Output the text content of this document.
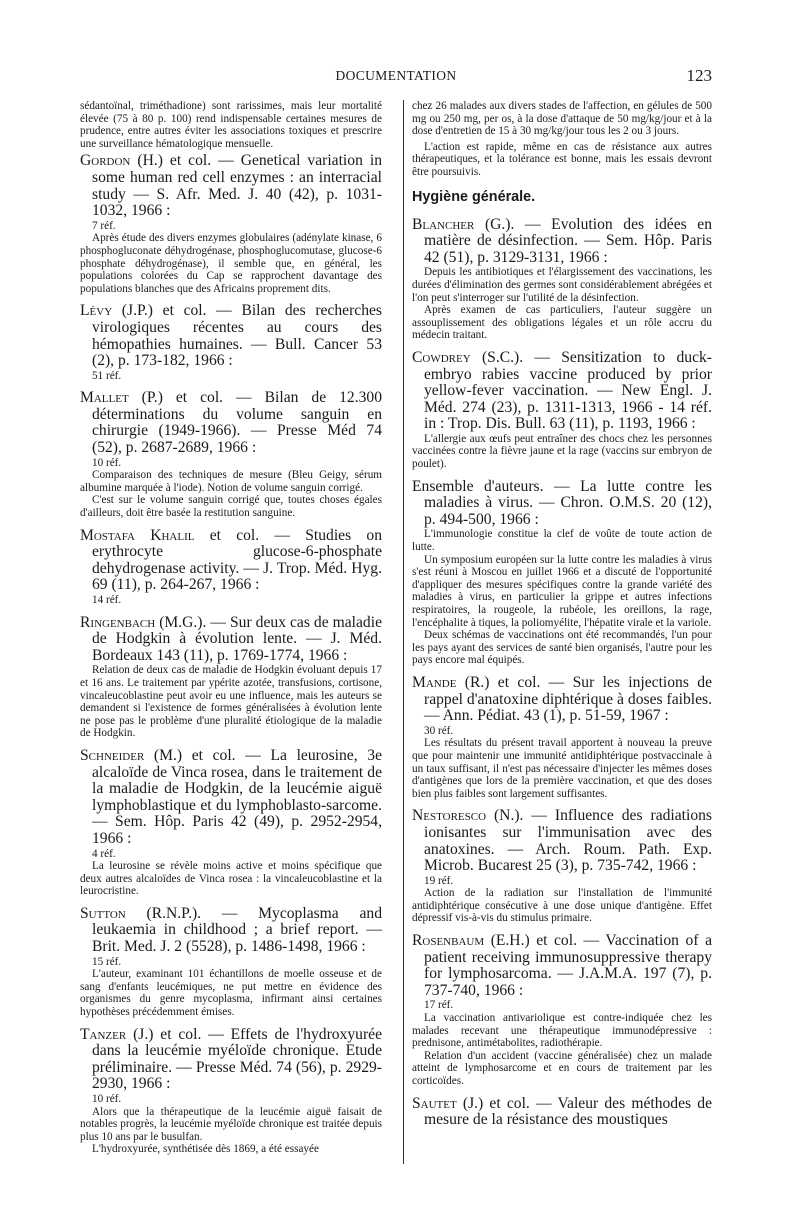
DOCUMENTATION	123

sédantoïnal, triméthadione) sont rarissimes, mais leur mortalité élevée (75 à 80 p. 100) rend indispensable certaines mesures de prudence, entre autres éviter les associations toxiques et prescrire une surveillance hématologique mensuelle.

Gordon (H.) et col. — Genetical variation in some human red cell enzymes : an interracial study — S. Afr. Med. J. 40 (42), p. 1031-1032, 1966 :

7 réf.

Après étude des divers enzymes globulaires (adénylate kinase, 6 phosphogluconate déhydrogénase, phosphoglucomutase, glucose-6 phosphate déhydrogénase), il semble que, en général, les populations colorées du Cap se rapprochent davantage des populations blanches que des Africains proprement dits.

Lévy (J.P.) et col. — Bilan des recherches virologiques récentes au cours des hémopathies humaines. — Bull. Cancer 53 (2), p. 173-182, 1966 :

51 réf.

Mallet (P.) et col. — Bilan de 12.300 déterminations du volume sanguin en chirurgie (1949-1966). — Presse Méd 74 (52), p. 2687-2689, 1966 :

10 réf.

Comparaison des techniques de mesure (Bleu Geigy, sérum albumine marquée à l'iode). Notion de volume sanguin corrigé.

C'est sur le volume sanguin corrigé que, toutes choses égales d'ailleurs, doit être basée la restitution sanguine.

Mostafa Khalil et col. — Studies on erythrocyte glucose-6-phosphate dehydrogenase activity. — J. Trop. Méd. Hyg. 69 (11), p. 264-267, 1966 :

14 réf.

Ringenbach (M.G.). — Sur deux cas de maladie de Hodgkin à évolution lente. — J. Méd. Bordeaux 143 (11), p. 1769-1774, 1966 :

Relation de deux cas de maladie de Hodgkin évoluant depuis 17 et 16 ans. Le traitement par ypérite azotée, transfusions, cortisone, vincaleucoblastine peut avoir eu une influence, mais les auteurs se demandent si l'existence de formes généralisées à évolution lente ne pose pas le problème d'une pluralité étiologique de la maladie de Hodgkin.

Schneider (M.) et col. — La leurosine, 3e alcaloïde de Vinca rosea, dans le traitement de la maladie de Hodgkin, de la leucémie aiguë lymphoblastique et du lymphoblasto-sarcome. — Sem. Hôp. Paris 42 (49), p. 2952-2954, 1966 :

4 réf.

La leurosine se révèle moins active et moins spécifique que deux autres alcaloïdes de Vinca rosea : la vincaleucoblastine et la leurocristine.

Sutton (R.N.P.). — Mycoplasma and leukaemia in childhood ; a brief report. — Brit. Med. J. 2 (5528), p. 1486-1498, 1966 :

15 réf.

L'auteur, examinant 101 échantillons de moelle osseuse et de sang d'enfants leucémiques, ne put mettre en évidence des organismes du genre mycoplasma, infirmant ainsi certaines hypothèses précédemment émises.

Tanzer (J.) et col. — Effets de l'hydroxyurée dans la leucémie myéloïde chronique. Etude préliminaire. — Presse Méd. 74 (56), p. 2929-2930, 1966 :

10 réf.

Alors que la thérapeutique de la leucémie aiguë faisait de notables progrès, la leucémie myéloïde chronique est traitée depuis plus 10 ans par le busulfan.

L'hydroxyurée, synthétisée dès 1869, a été essayée

chez 26 malades aux divers stades de l'affection, en gélules de 500 mg ou 250 mg, per os, à la dose d'attaque de 50 mg/kg/jour et à la dose d'entretien de 15 à 30 mg/kg/jour tous les 2 ou 3 jours.

L'action est rapide, même en cas de résistance aux autres thérapeutiques, et la tolérance est bonne, mais les essais devront être poursuivis.

Hygiène générale.

Blancher (G.). — Evolution des idées en matière de désinfection. — Sem. Hôp. Paris 42 (51), p. 3129-3131, 1966 :

Depuis les antibiotiques et l'élargissement des vaccinations, les durées d'élimination des germes sont considérablement abrégées et l'on peut s'interroger sur l'utilité de la désinfection.

Après examen de cas particuliers, l'auteur suggère un assouplissement des obligations légales et un rôle accru du médecin traitant.

Cowdrey (S.C.). — Sensitization to duck-embryo rabies vaccine produced by prior yellow-fever vaccination. — New Engl. J. Méd. 274 (23), p. 1311-1313, 1966 - 14 réf. in : Trop. Dis. Bull. 63 (11), p. 1193, 1966 :

L'allergie aux œufs peut entraîner des chocs chez les personnes vaccinées contre la fièvre jaune et la rage (vaccins sur embryon de poulet).

Ensemble d'auteurs. — La lutte contre les maladies à virus. — Chron. O.M.S. 20 (12), p. 494-500, 1966 :

L'immunologie constitue la clef de voûte de toute action de lutte.

Un symposium européen sur la lutte contre les maladies à virus s'est réuni à Moscou en juillet 1966 et a discuté de l'opportunité d'appliquer des mesures spécifiques contre la grande variété des maladies à virus, en particulier la grippe et autres infections respiratoires, la rougeole, la rubéole, les oreillons, la rage, l'encéphalite à tiques, la poliomyélite, l'hépatite virale et la variole.

Deux schémas de vaccinations ont été recommandés, l'un pour les pays ayant des services de santé bien organisés, l'autre pour les pays encore mal équipés.

Mande (R.) et col. — Sur les injections de rappel d'anatoxine diphtérique à doses faibles. — Ann. Pédiat. 43 (1), p. 51-59, 1967 :

30 réf.

Les résultats du présent travail apportent à nouveau la preuve que pour maintenir une immunité antidiphtérique postvaccinale à un taux suffisant, il n'est pas nécessaire d'injecter les mêmes doses d'antigènes que lors de la première vaccination, et que des doses bien plus faibles sont largement suffisantes.

Nestoresco (N.). — Influence des radiations ionisantes sur l'immunisation avec des anatoxines. — Arch. Roum. Path. Exp. Microb. Bucarest 25 (3), p. 735-742, 1966 :

19 réf.

Action de la radiation sur l'installation de l'immunité antidiphtérique consécutive à une dose unique d'antigène. Effet dépressif vis-à-vis du stimulus primaire.

Rosenbaum (E.H.) et col. — Vaccination of a patient receiving immunosuppressive therapy for lymphosarcoma. — J.A.M.A. 197 (7), p. 737-740, 1966 :

17 réf.

La vaccination antivariolique est contre-indiquée chez les malades recevant une thérapeutique immunodépressive : prednisone, antimétabolites, radiothérapie.

Relation d'un accident (vaccine généralisée) chez un malade atteint de lymphosarcome et en cours de traitement par les corticoïdes.

Sautet (J.) et col. — Valeur des méthodes de mesure de la résistance des moustiques
